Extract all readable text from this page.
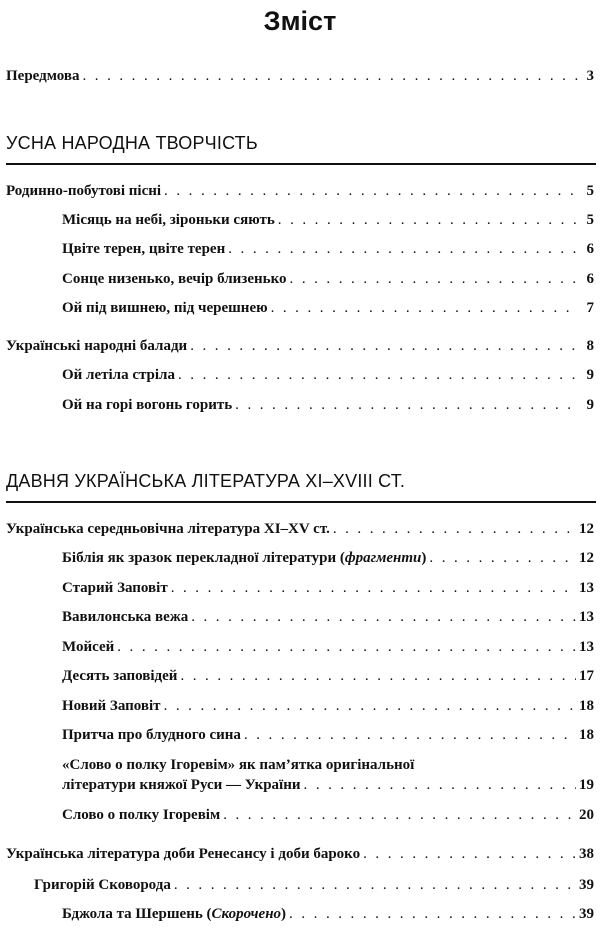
Зміст
Передмова . . .	3
УСНА НАРОДНА ТВОРЧІСТЬ
Родинно-побутові пісні . . .	5
Місяць на небі, зіроньки сяють . . .	5
Цвіте терен, цвіте терен . . .	6
Сонце низенько, вечір близенько . . .	6
Ой під вишнею, під черешнею . . .	7
Українські народні балади . . .	8
Ой летіла стріла . . .	9
Ой на горі вогонь горить . . .	9
ДАВНЯ УКРАЇНСЬКА ЛІТЕРАТУРА XI–XVIII СТ.
Українська середньовічна література XI–XV ст. . . .	12
Біблія як зразок перекладної літератури (фрагменти) . . .	12
Старий Заповіт . . .	13
Вавилонська вежа . . .	13
Мойсей . . .	13
Десять заповідей . . .	17
Новий Заповіт . . .	18
Притча про блудного сина . . .	18
«Слово о полку Ігоревім» як пам’ятка оригінальної
літератури княжої Руси — України . . .	19
Слово о полку Ігоревім . . .	20
Українська література доби Ренесансу і доби бароко . . .	38
Григорій Сковорода . . .	39
Бджола та Шершень (Скорочено) . . .	39
